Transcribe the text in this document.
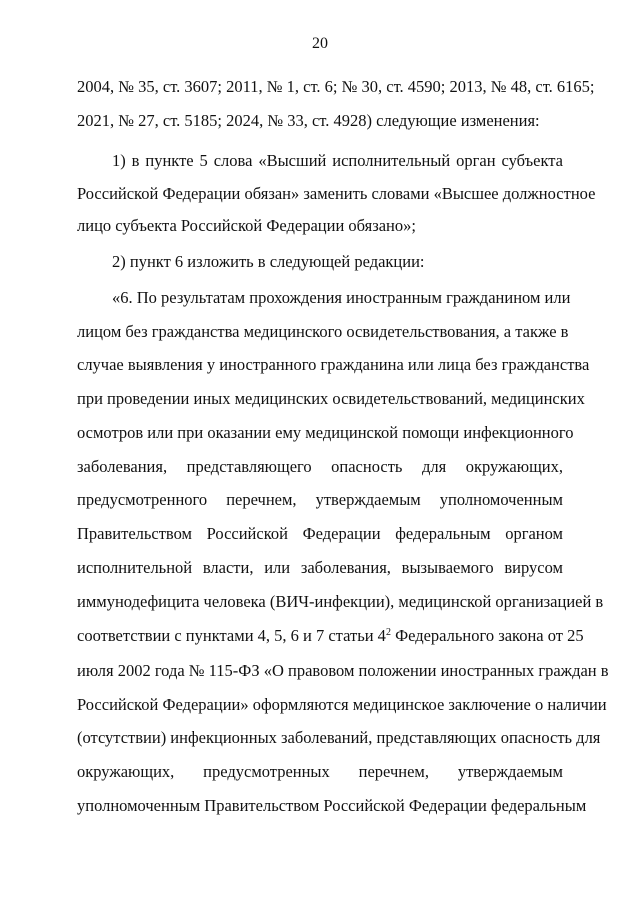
20
2004, № 35, ст. 3607; 2011, № 1, ст. 6; № 30, ст. 4590; 2013, № 48, ст. 6165;
2021, № 27, ст. 5185; 2024, № 33, ст. 4928) следующие изменения:
1) в пункте 5 слова «Высший исполнительный орган субъекта
Российской Федерации обязан» заменить словами «Высшее должностное
лицо субъекта Российской Федерации обязано»;
2) пункт 6 изложить в следующей редакции:
«6. По результатам прохождения иностранным гражданином или
лицом без гражданства медицинского освидетельствования, а также в
случае выявления у иностранного гражданина или лица без гражданства
при проведении иных медицинских освидетельствований, медицинских
осмотров или при оказании ему медицинской помощи инфекционного
заболевания, представляющего опасность для окружающих,
предусмотренного перечнем, утверждаемым уполномоченным
Правительством Российской Федерации федеральным органом
исполнительной власти, или заболевания, вызываемого вирусом
иммунодефицита человека (ВИЧ-инфекции), медицинской организацией в
соответствии с пунктами 4, 5, 6 и 7 статьи $4^2$ Федерального закона от 25
июля 2002 года № 115-ФЗ «О правовом положении иностранных граждан в
Российской Федерации» оформляются медицинское заключение о наличии
(отсутствии) инфекционных заболеваний, представляющих опасность для
окружающих, предусмотренных перечнем, утверждаемым
уполномоченным Правительством Российской Федерации федеральным
